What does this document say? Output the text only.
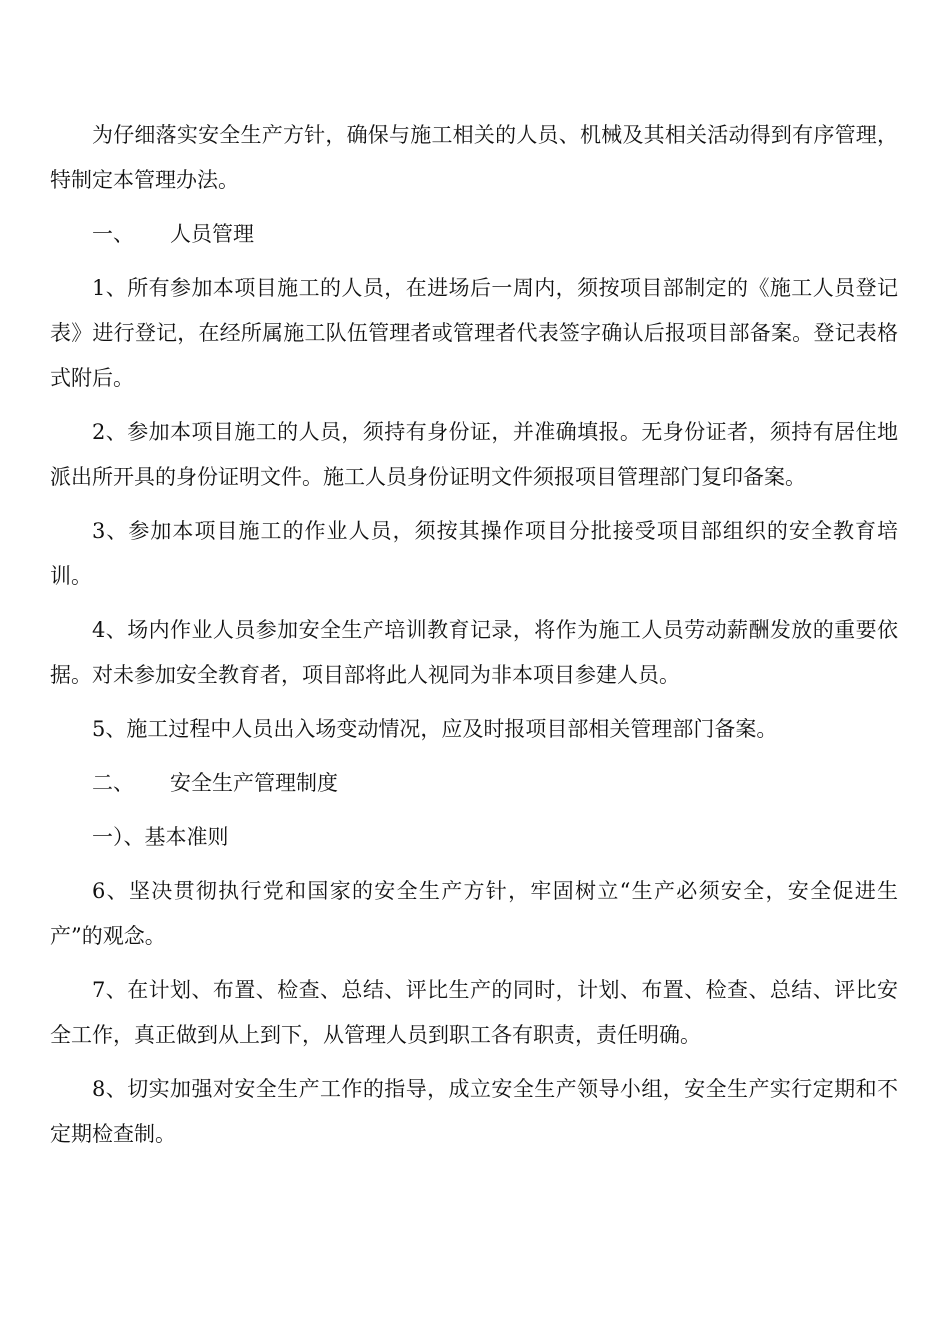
为仔细落实安全生产方针，确保与施工相关的人员、机械及其相关活动得到有序管理，特制定本管理办法。

一、 人员管理

1、所有参加本项目施工的人员，在进场后一周内，须按项目部制定的《施工人员登记表》进行登记，在经所属施工队伍管理者或管理者代表签字确认后报项目部备案。登记表格式附后。

2、参加本项目施工的人员，须持有身份证，并准确填报。无身份证者，须持有居住地派出所开具的身份证明文件。施工人员身份证明文件须报项目管理部门复印备案。

3、参加本项目施工的作业人员，须按其操作项目分批接受项目部组织的安全教育培训。

4、场内作业人员参加安全生产培训教育记录，将作为施工人员劳动薪酬发放的重要依据。对未参加安全教育者，项目部将此人视同为非本项目参建人员。

5、施工过程中人员出入场变动情况，应及时报项目部相关管理部门备案。

二、 安全生产管理制度

一）、基本准则

6、坚决贯彻执行党和国家的安全生产方针，牢固树立“生产必须安全，安全促进生产”的观念。

7、在计划、布置、检查、总结、评比生产的同时，计划、布置、检查、总结、评比安全工作，真正做到从上到下，从管理人员到职工各有职责，责任明确。

8、切实加强对安全生产工作的指导，成立安全生产领导小组，安全生产实行定期和不定期检查制。
